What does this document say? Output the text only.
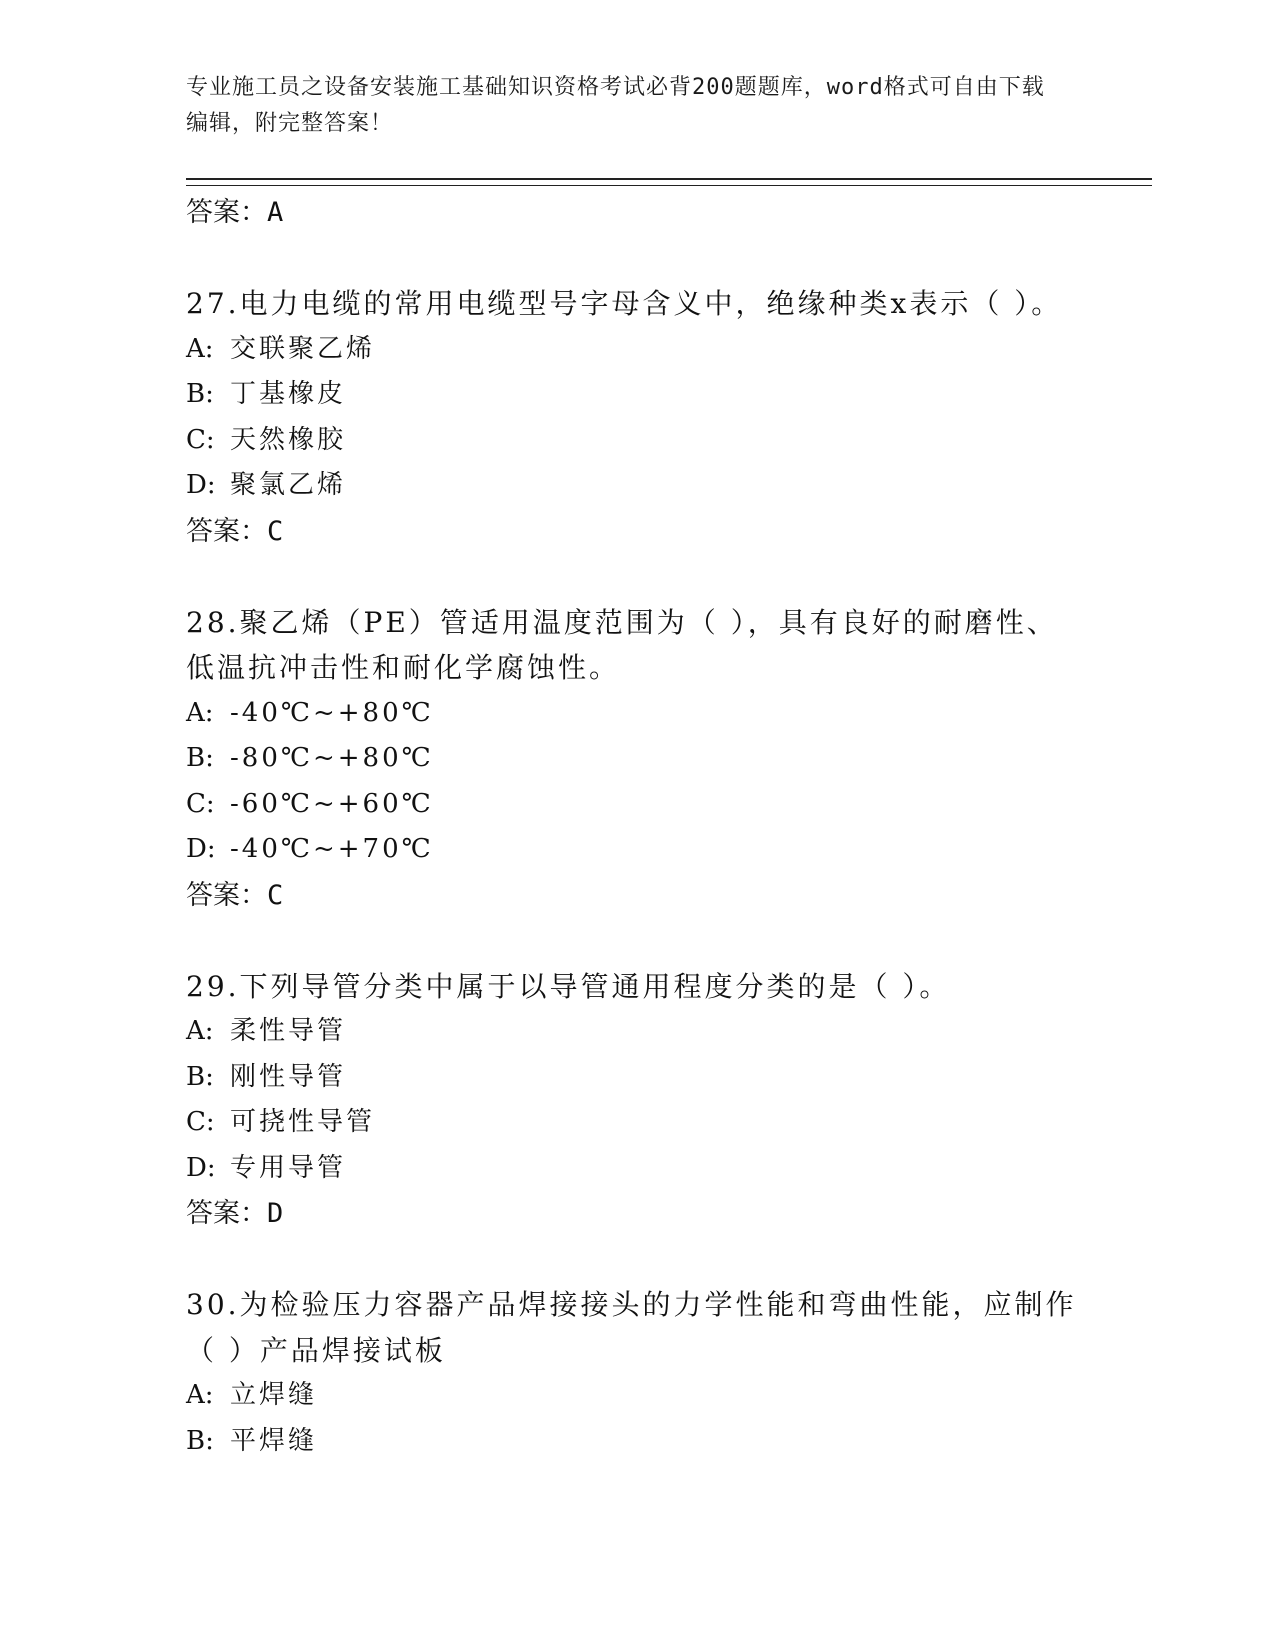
专业施工员之设备安装施工基础知识资格考试必背200题题库，word格式可自由下载编辑，附完整答案！
答案：A
27.电力电缆的常用电缆型号字母含义中，绝缘种类x表示（ ）。
A: 交联聚乙烯
B: 丁基橡皮
C: 天然橡胶
D: 聚氯乙烯
答案：C
28.聚乙烯（PE）管适用温度范围为（ ），具有良好的耐磨性、低温抗冲击性和耐化学腐蚀性。
A: -40℃~+80℃
B: -80℃~+80℃
C: -60℃~+60℃
D: -40℃~+70℃
答案：C
29.下列导管分类中属于以导管通用程度分类的是（ ）。
A: 柔性导管
B: 刚性导管
C: 可挠性导管
D: 专用导管
答案：D
30.为检验压力容器产品焊接接头的力学性能和弯曲性能，应制作（ ）产品焊接试板
A: 立焊缝
B: 平焊缝
